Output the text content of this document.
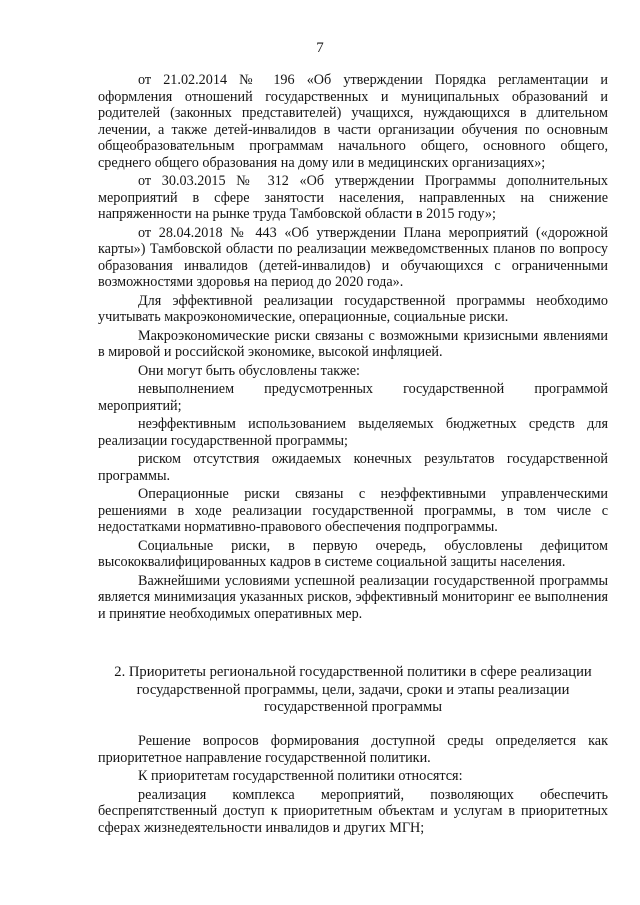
7

от 21.02.2014 № 196 «Об утверждении Порядка регламентации и оформления отношений государственных и муниципальных образований и родителей (законных представителей) учащихся, нуждающихся в длительном лечении, а также детей-инвалидов в части организации обучения по основным общеобразовательным программам начального общего, основного общего, среднего общего образования на дому или в медицинских организациях»;

от 30.03.2015 № 312 «Об утверждении Программы дополнительных мероприятий в сфере занятости населения, направленных на снижение напряженности на рынке труда Тамбовской области в 2015 году»;

от 28.04.2018 № 443 «Об утверждении Плана мероприятий («дорожной карты») Тамбовской области по реализации межведомственных планов по вопросу образования инвалидов (детей-инвалидов) и обучающихся с ограниченными возможностями здоровья на период до 2020 года».

Для эффективной реализации государственной программы необходимо учитывать макроэкономические, операционные, социальные риски.

Макроэкономические риски связаны с возможными кризисными явлениями в мировой и российской экономике, высокой инфляцией.

Они могут быть обусловлены также:

невыполнением предусмотренных государственной программой мероприятий;

неэффективным использованием выделяемых бюджетных средств для реализации государственной программы;

риском отсутствия ожидаемых конечных результатов государственной программы.

Операционные риски связаны с неэффективными управленческими решениями в ходе реализации государственной программы, в том числе с недостатками нормативно-правового обеспечения подпрограммы.

Социальные риски, в первую очередь, обусловлены дефицитом высококвалифицированных кадров в системе социальной защиты населения.

Важнейшими условиями успешной реализации государственной программы является минимизация указанных рисков, эффективный мониторинг ее выполнения и принятие необходимых оперативных мер.

2. Приоритеты региональной государственной политики в сфере реализации государственной программы, цели, задачи, сроки и этапы реализации государственной программы

Решение вопросов формирования доступной среды определяется как приоритетное направление государственной политики.

К приоритетам государственной политики относятся:

реализация комплекса мероприятий, позволяющих обеспечить беспрепятственный доступ к приоритетным объектам и услугам в приоритетных сферах жизнедеятельности инвалидов и других МГН;
